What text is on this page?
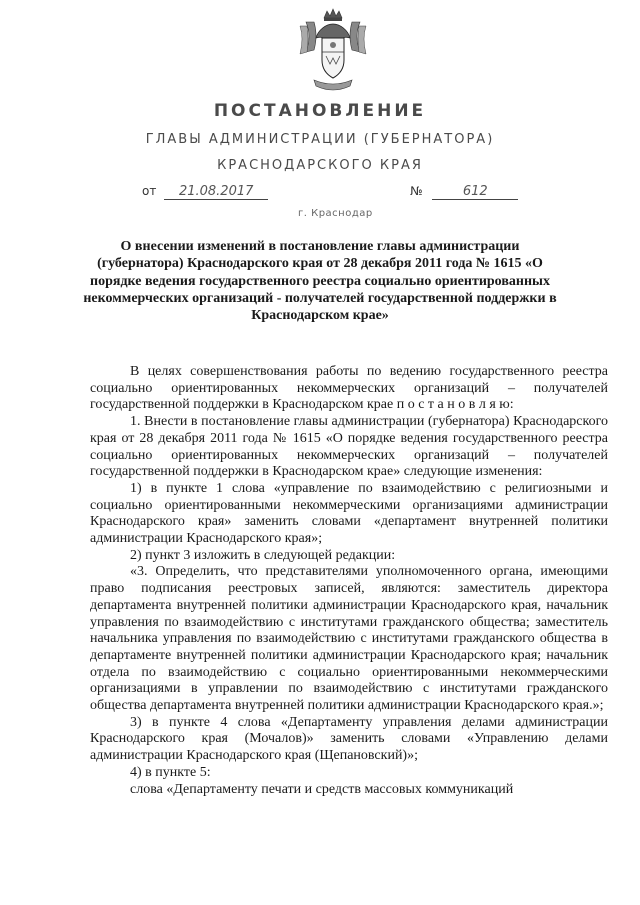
ПОСТАНОВЛЕНИЕ
ГЛАВЫ АДМИНИСТРАЦИИ (ГУБЕРНАТОРА)
КРАСНОДАРСКОГО КРАЯ
от 21.08.2017	№	612
г. Краснодар
О внесении изменений в постановление главы администрации (губернатора) Краснодарского края от 28 декабря 2011 года № 1615 «О порядке ведения государственного реестра социально ориентированных некоммерческих организаций - получателей государственной поддержки в Краснодарском крае»

В целях совершенствования работы по ведению государственного реестра социально ориентированных некоммерческих организаций – получателей государственной поддержки в Краснодарском крае п о с т а н о в л я ю:

1. Внести в постановление главы администрации (губернатора) Краснодарского края от 28 декабря 2011 года № 1615 «О порядке ведения государственного реестра социально ориентированных некоммерческих организаций – получателей государственной поддержки в Краснодарском крае» следующие изменения:

1) в пункте 1 слова «управление по взаимодействию с религиозными и социально ориентированными некоммерческими организациями администрации Краснодарского края» заменить словами «департамент внутренней политики администрации Краснодарского края»;

2) пункт 3 изложить в следующей редакции:

«3. Определить, что представителями уполномоченного органа, имеющими право подписания реестровых записей, являются: заместитель директора департамента внутренней политики администрации Краснодарского края, начальник управления по взаимодействию с институтами гражданского общества; заместитель начальника управления по взаимодействию с институтами гражданского общества в департаменте внутренней политики администрации Краснодарского края; начальник отдела по взаимодействию с социально ориентированными некоммерческими организациями в управлении по взаимодействию с институтами гражданского общества департамента внутренней политики администрации Краснодарского края.»;

3) в пункте 4 слова «Департаменту управления делами администрации Краснодарского края (Мочалов)» заменить словами «Управлению делами администрации Краснодарского края (Щепановский)»;

4) в пункте 5:

слова «Департаменту печати и средств массовых коммуникаций
